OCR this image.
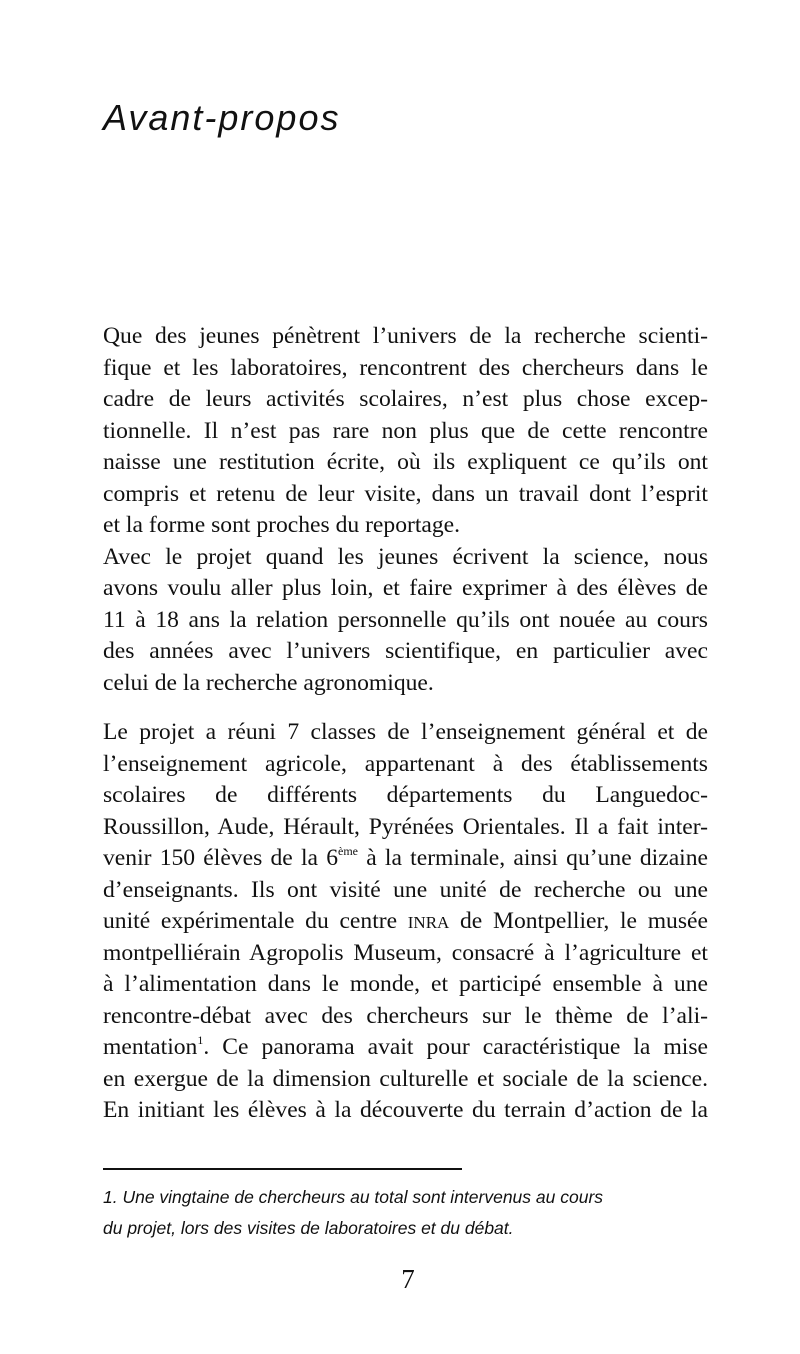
Avant-propos
Que des jeunes pénètrent l’univers de la recherche scienti-
fique et les laboratoires, rencontrent des chercheurs dans le
cadre de leurs activités scolaires, n’est plus chose excep-
tionnelle. Il n’est pas rare non plus que de cette rencontre
naisse une restitution écrite, où ils expliquent ce qu’ils ont
compris et retenu de leur visite, dans un travail dont l’esprit
et la forme sont proches du reportage.
Avec le projet quand les jeunes écrivent la science, nous
avons voulu aller plus loin, et faire exprimer à des élèves de
11 à 18 ans la relation personnelle qu’ils ont nouée au cours
des années avec l’univers scientifique, en particulier avec
celui de la recherche agronomique.
Le projet a réuni 7 classes de l’enseignement général et de
l’enseignement agricole, appartenant à des établissements
scolaires de différents départements du Languedoc-
Roussillon, Aude, Hérault, Pyrénées Orientales. Il a fait inter-
venir 150 élèves de la 6ème à la terminale, ainsi qu’une dizaine
d’enseignants. Ils ont visité une unité de recherche ou une
unité expérimentale du centre INRA de Montpellier, le musée
montpelliérain Agropolis Museum, consacré à l’agriculture et
à l’alimentation dans le monde, et participé ensemble à une
rencontre-débat avec des chercheurs sur le thème de l’ali-
mentation$^1$. Ce panorama avait pour caractéristique la mise
en exergue de la dimension culturelle et sociale de la science.
En initiant les élèves à la découverte du terrain d’action de la
1. Une vingtaine de chercheurs au total sont intervenus au cours
du projet, lors des visites de laboratoires et du débat.
7
